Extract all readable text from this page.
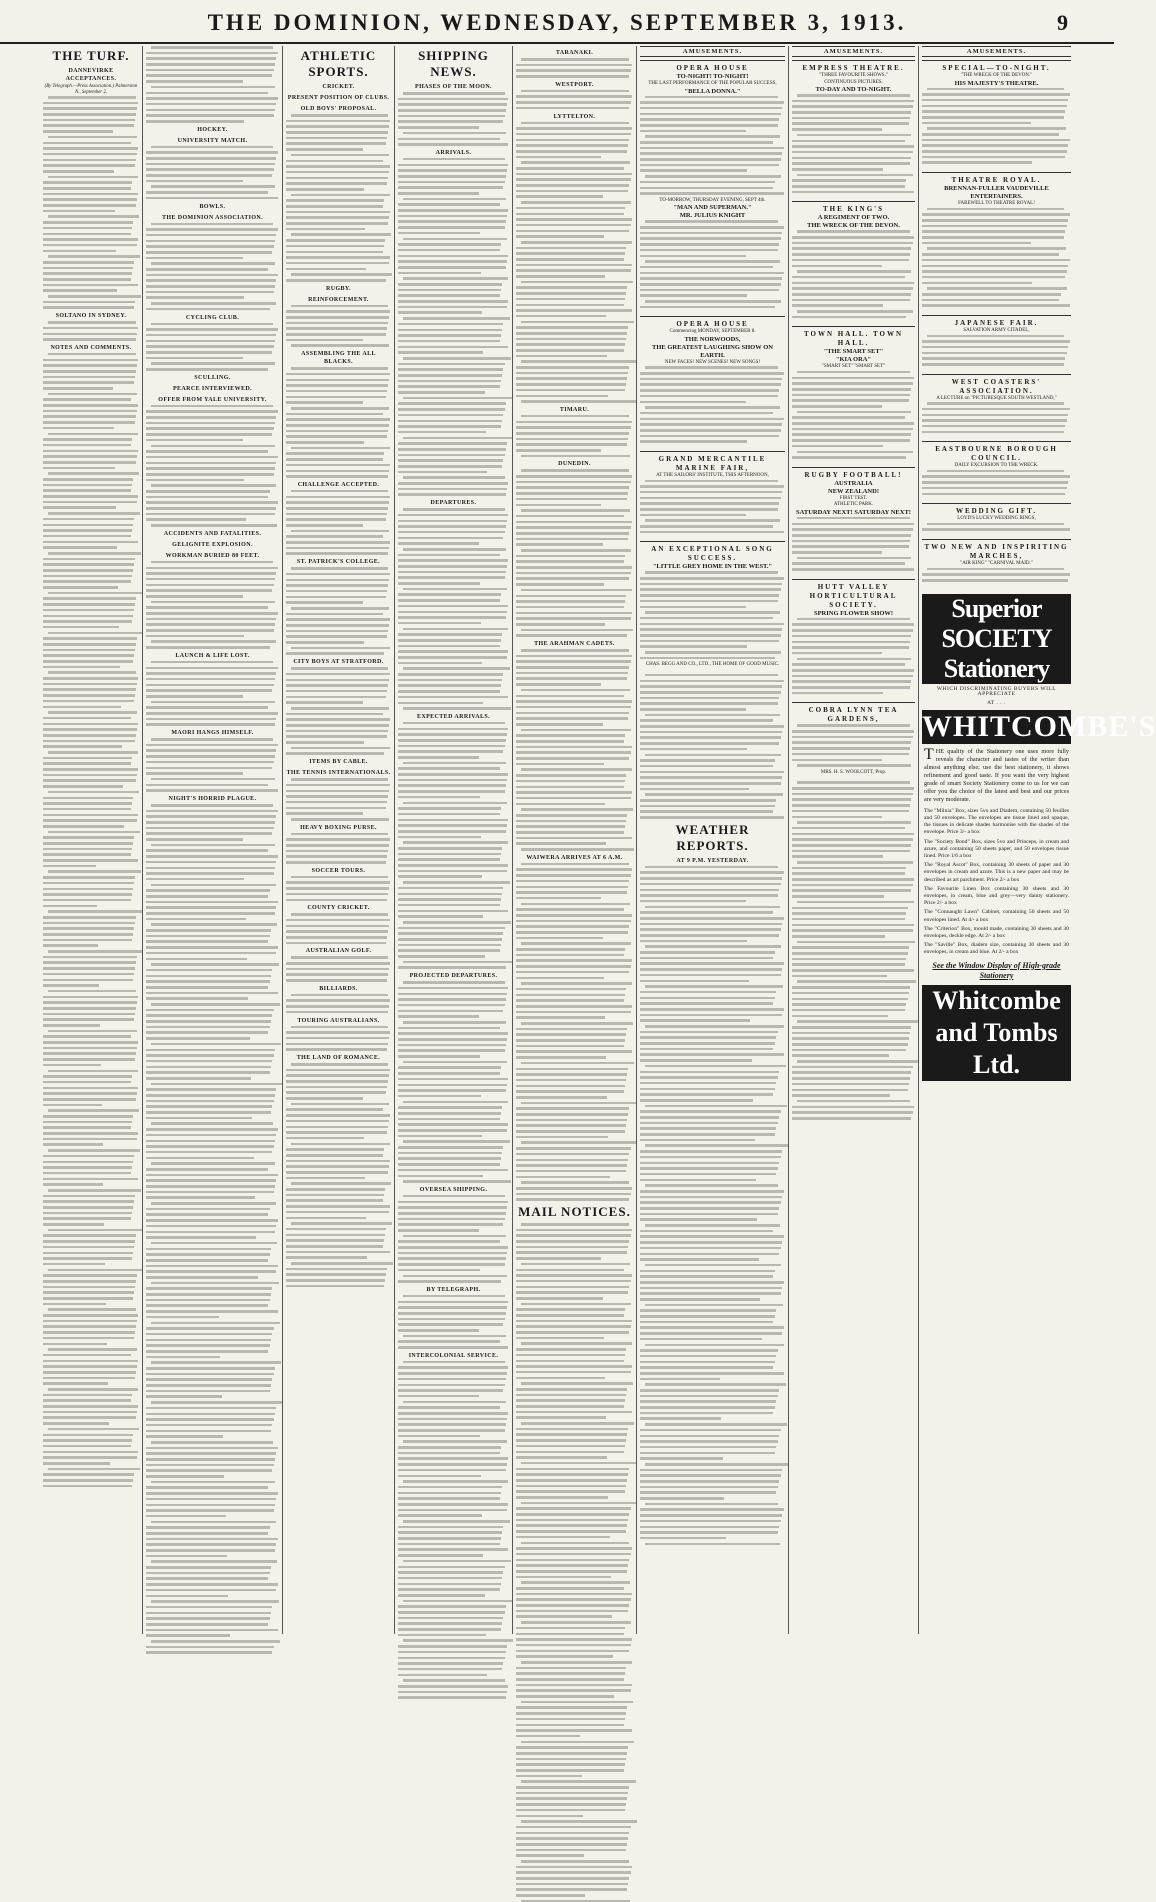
THE DOMINION, WEDNESDAY, SEPTEMBER 3, 1913.	9
THE TURF.
DANNEVIRKE ACCEPTANCES.
(By Telegraph.—Press Association.) Palmerston N., September 2.
SOLTANO IN SYDNEY.
NOTES AND COMMENTS.
HOCKEY.
UNIVERSITY MATCH.
BOWLS.
THE DOMINION ASSOCIATION.
CYCLING CLUB.
SCULLING.
PEARCE INTERVIEWED.
OFFER FROM YALE UNIVERSITY.
ACCIDENTS AND FATALITIES.
GELIGNITE EXPLOSION.
WORKMAN BURIED 80 FEET.
LAUNCH & LIFE LOST.
MAORI HANGS HIMSELF.
NIGHT'S HORRID PLAGUE.
ATHLETIC SPORTS.
CRICKET.
PRESENT POSITION OF CLUBS.
OLD BOYS' PROPOSAL.
RUGBY.
REINFORCEMENT.
ASSEMBLING THE ALL BLACKS.
CHALLENGE ACCEPTED.
ST. PATRICK'S COLLEGE.
CITY BOYS AT STRATFORD.
ITEMS BY CABLE.
THE TENNIS INTERNATIONALS.
HEAVY BOXING PURSE.
SOCCER TOURS.
COUNTY CRICKET.
AUSTRALIAN GOLF.
BILLIARDS.
TOURING AUSTRALIANS.
THE LAND OF ROMANCE.
SHIPPING NEWS.
PHASES OF THE MOON.
ARRIVALS.
DEPARTURES.
EXPECTED ARRIVALS.
PROJECTED DEPARTURES.
OVERSEA SHIPPING.
BY TELEGRAPH.
INTERCOLONIAL SERVICE.
TARANAKI.
WESTPORT.
LYTTELTON.
TIMARU.
DUNEDIN.
THE ARAHMAN CADETS.
WAIWERA ARRIVES AT 6 A.M.
MAIL NOTICES.
AMUSEMENTS.
OPERA HOUSE
TO-NIGHT! TO-NIGHT!
THE LAST PERFORMANCE OF THE POPULAR SUCCESS,
"BELLA DONNA."
TO-MORROW, THURSDAY EVENING, SEPT 4th.
"MAN AND SUPERMAN."
MR. JULIUS KNIGHT
OPERA HOUSE
Commencing MONDAY, SEPTEMBER 8.
THE NORWOODS,
THE GREATEST LAUGHING SHOW ON EARTH.
NEW FACES! NEW SCENES! NEW SONGS!
GRAND MERCANTILE MARINE FAIR,
AT THE SAILORS' INSTITUTE, THIS AFTERNOON,
AN EXCEPTIONAL SONG SUCCESS.
"LITTLE GREY HOME IN THE WEST."
CHAS. BEGG AND CO., LTD., THE HOME OF GOOD MUSIC.
WEATHER REPORTS.
AT 9 P.M. YESTERDAY.
AMUSEMENTS.
EMPRESS THEATRE.
"THREE FAVOURITE SHOWS."
CONTINUOUS PICTURES.
TO-DAY AND TO-NIGHT.
THE KING'S
A REGIMENT OF TWO.
THE WRECK OF THE DEVON.
TOWN HALL. TOWN HALL.
"THE SMART SET"
"KIA ORA"
"SMART SET" "SMART SET"
RUGBY FOOTBALL!
AUSTRALIA
NEW ZEALAND!
FIRST TEST.
ATHLETIC PARK.
SATURDAY NEXT! SATURDAY NEXT!
HUTT VALLEY HORTICULTURAL SOCIETY.
SPRING FLOWER SHOW!
COBRA LYNN TEA GARDENS,
MRS. H. S. WOOLCOTT, Prop.
AMUSEMENTS.
SPECIAL—TO-NIGHT.
"THE WRECK OF THE DEVON."
HIS MAJESTY'S THEATRE.
THEATRE ROYAL.
BRENNAN-FULLER VAUDEVILLE ENTERTAINERS.
FAREWELL TO THEATRE ROYAL!
JAPANESE FAIR.
SALVATION ARMY CITADEL,
WEST COASTERS' ASSOCIATION.
A LECTURE on "PICTURESQUE SOUTH WESTLAND,"
EASTBOURNE BOROUGH COUNCIL.
DAILY EXCURSION TO THE WRECK.
WEDDING GIFT.
LOYD'S LUCKY WEDDING RINGS,
TWO NEW AND INSPIRITING MARCHES,
"AIR KING" "CARNIVAL MAID."
Superior SOCIETY Stationery
WHICH DISCRIMINATING BUYERS WILL APPRECIATE
AT . . .
WHITCOMBE'S
THE quality of the Stationery one uses more fully reveals the character and tastes of the writer than almost anything else; use the best stationery, it shows refinement and good taste. If you want the very highest grade of smart Society Stationery come to us for we can offer you the choice of the latest and best and our prices are very moderate.
The "Milnia" Box, sizes 5vo and Diadem, containing 50 feuilles and 50 envelopes. The envelopes are tissue lined and opaque, the tissues in delicate shades harmonise with the shades of the envelope. Price 3/- a box
The "Society Bond" Box, sizes 5vo and Princeps, in cream and azure, and containing 50 sheets paper, and 50 envelopes tissue lined. Price 1/6 a box
The "Royal Ascot" Box, containing 30 sheets of paper and 30 envelopes in cream and azure. This is a new paper and may be described as art parchment. Price 2/- a box
The Favourite Linen Box containing 30 sheets and 30 envelopes, in cream, blue and grey—very dainty stationery. Price 2/- a box
The "Connaught Lawn" Cabinet, containing 50 sheets and 50 envelopes lined. At 4/- a box
The "Criterion" Box, mould made, containing 30 sheets and 30 envelopes, deckle edge. At 2/- a box
The "Saville" Box, diadem size, containing 30 sheets and 30 envelopes, in cream and blue. At 2/- a box
See the Window Display of High-grade Stationery
Whitcombe and Tombs Ltd.
